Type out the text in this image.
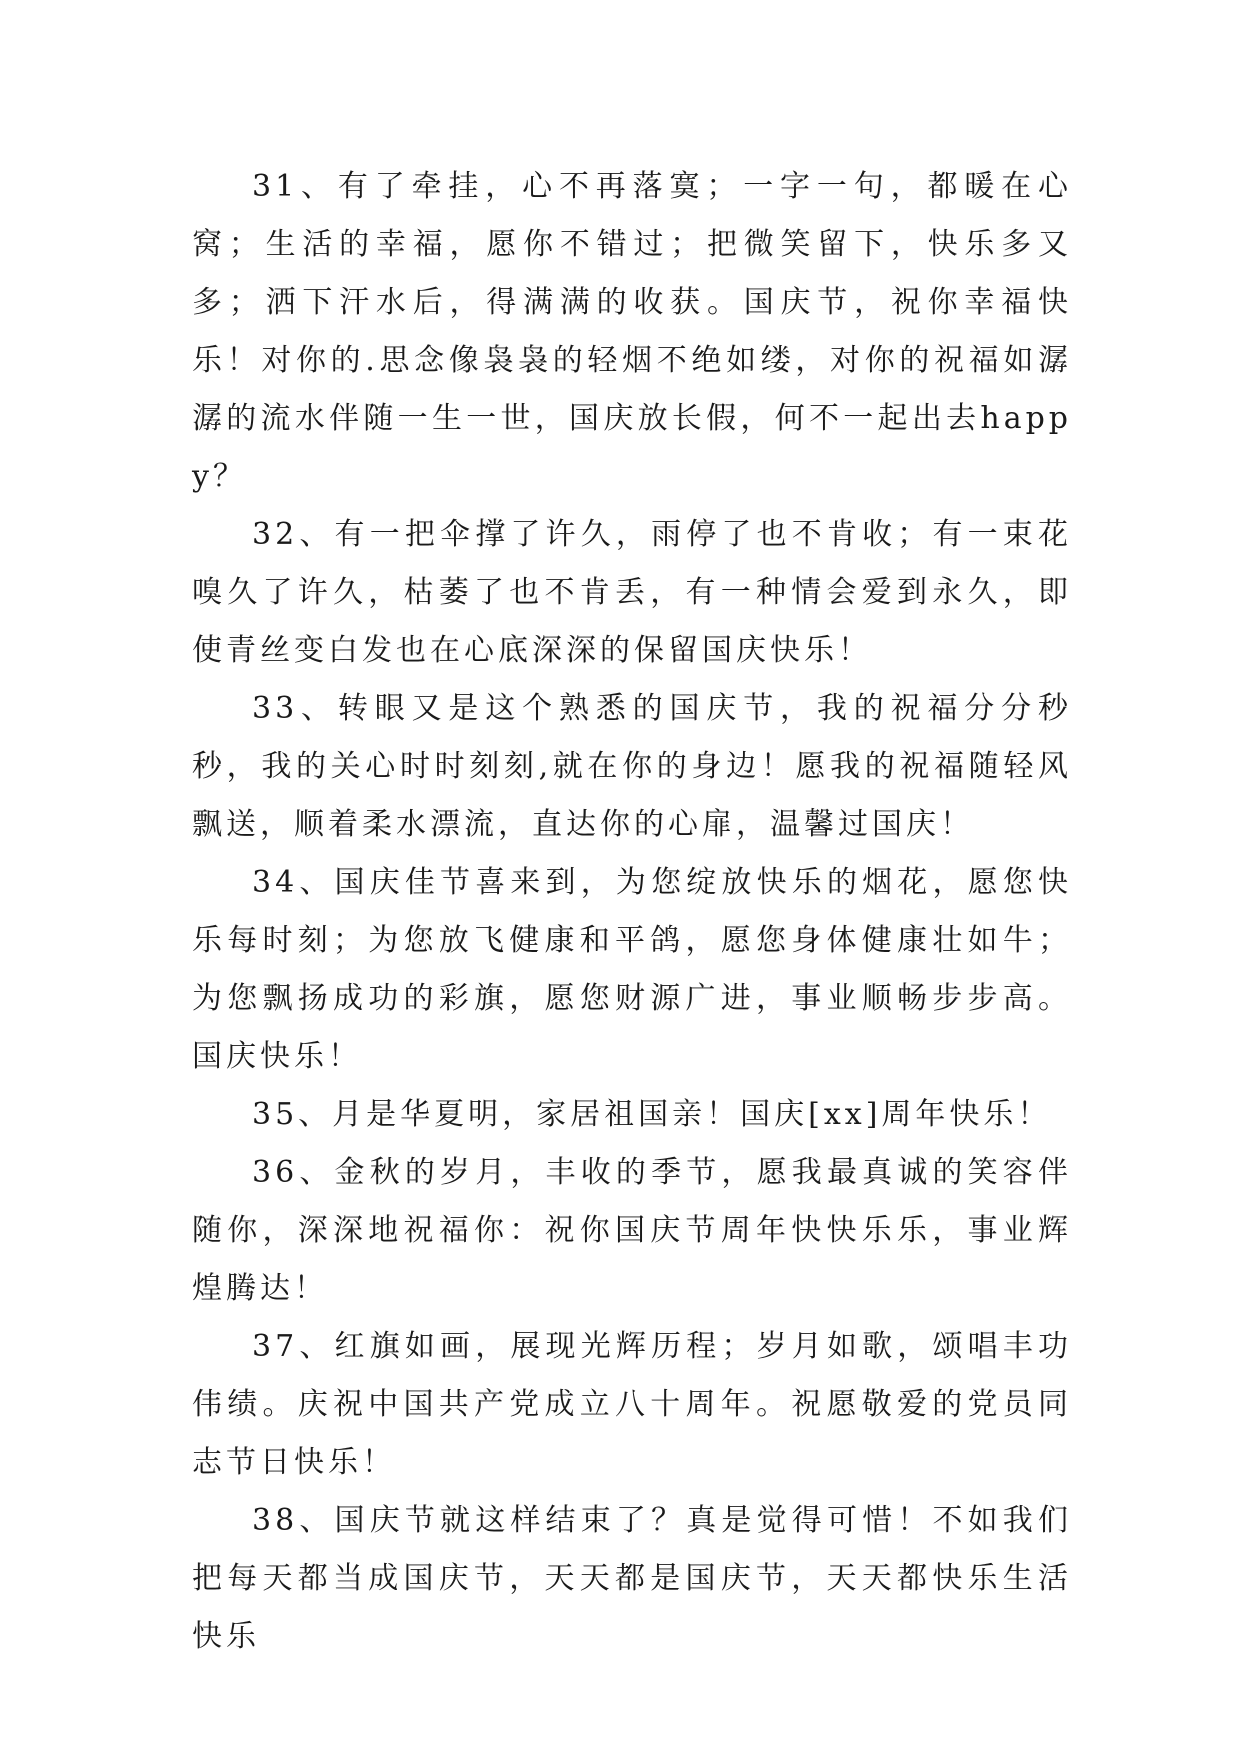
31、有了牵挂，心不再落寞；一字一句，都暖在心窝；生活的幸福，愿你不错过；把微笑留下，快乐多又多；洒下汗水后，得满满的收获。国庆节，祝你幸福快乐！对你的.思念像袅袅的轻烟不绝如缕，对你的祝福如潺潺的流水伴随一生一世，国庆放长假，何不一起出去happy？

32、有一把伞撑了许久，雨停了也不肯收；有一束花嗅久了许久，枯萎了也不肯丢，有一种情会爱到永久，即使青丝变白发也在心底深深的保留国庆快乐！

33、转眼又是这个熟悉的国庆节，我的祝福分分秒秒，我的关心时时刻刻,就在你的身边！愿我的祝福随轻风飘送，顺着柔水漂流，直达你的心扉，温馨过国庆！

34、国庆佳节喜来到，为您绽放快乐的烟花，愿您快乐每时刻；为您放飞健康和平鸽，愿您身体健康壮如牛；为您飘扬成功的彩旗，愿您财源广进，事业顺畅步步高。国庆快乐！

35、月是华夏明，家居祖国亲！国庆[xx]周年快乐！

36、金秋的岁月，丰收的季节，愿我最真诚的笑容伴随你，深深地祝福你：祝你国庆节周年快快乐乐，事业辉煌腾达！

37、红旗如画，展现光辉历程；岁月如歌，颂唱丰功伟绩。庆祝中国共产党成立八十周年。祝愿敬爱的党员同志节日快乐！

38、国庆节就这样结束了？真是觉得可惜！不如我们把每天都当成国庆节，天天都是国庆节，天天都快乐生活快乐
